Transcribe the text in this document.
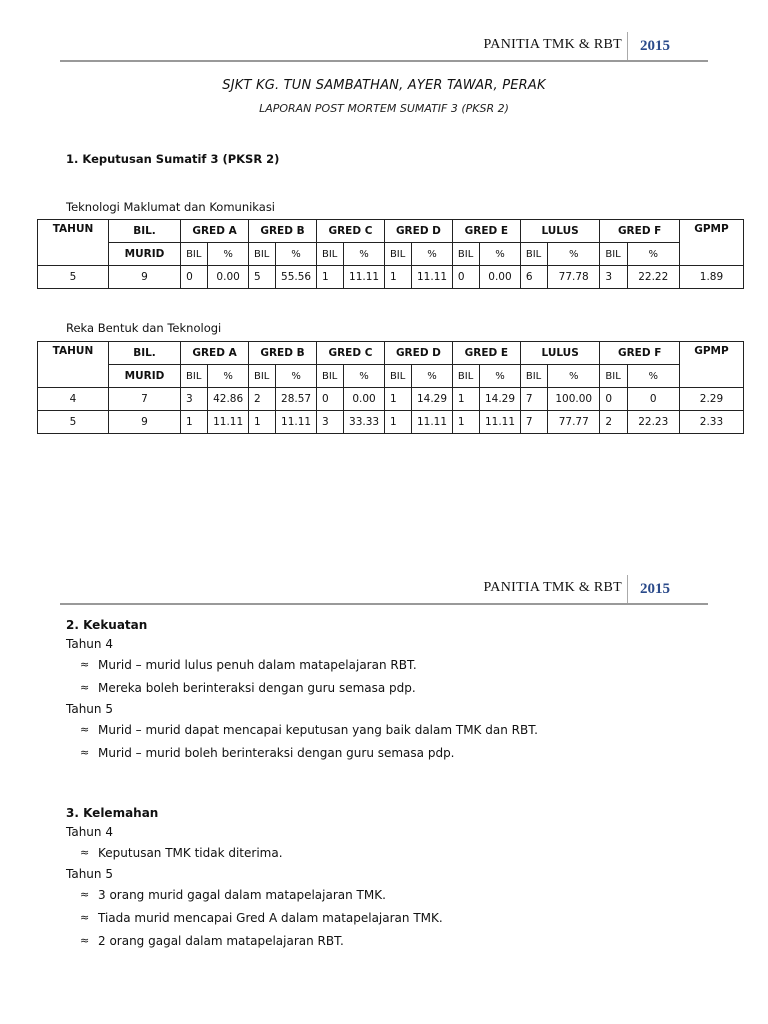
PANITIA TMK & RBT 2015
SJKT KG. TUN SAMBATHAN, AYER TAWAR, PERAK
LAPORAN POST MORTEM SUMATIF 3 (PKSR 2)
1. Keputusan Sumatif 3 (PKSR 2)
Teknologi Maklumat dan Komunikasi
TAHUN	BIL.	GRED A		GRED B		GRED C		GRED D		GRED E		LULUS		GRED F		GPMP
	MURID	BIL	%	BIL	%	BIL	%	BIL	%	BIL	%	BIL	%	BIL	%	
5	9	0	0.00	5	55.56	1	11.11	1	11.11	0	0.00	6	77.78	3	22.22	1.89
Reka Bentuk dan Teknologi
TAHUN	BIL.	GRED A		GRED B		GRED C		GRED D		GRED E		LULUS		GRED F		GPMP
	MURID	BIL	%	BIL	%	BIL	%	BIL	%	BIL	%	BIL	%	BIL	%	
4	7	3	42.86	2	28.57	0	0.00	1	14.29	1	14.29	7	100.00	0	0	2.29
5	9	1	11.11	1	11.11	3	33.33	1	11.11	1	11.11	7	77.77	2	22.23	2.33
PANITIA TMK & RBT 2015
2. Kekuatan
Tahun 4
≈ Murid – murid lulus penuh dalam matapelajaran RBT.
≈ Mereka boleh berinteraksi dengan guru semasa pdp.
Tahun 5
≈ Murid – murid dapat mencapai keputusan yang baik dalam TMK dan RBT.
≈ Murid – murid boleh berinteraksi dengan guru semasa pdp.
3. Kelemahan
Tahun 4
≈ Keputusan TMK tidak diterima.
Tahun 5
≈ 3 orang murid gagal dalam matapelajaran TMK.
≈ Tiada murid mencapai Gred A dalam matapelajaran TMK.
≈ 2 orang gagal dalam matapelajaran RBT.
